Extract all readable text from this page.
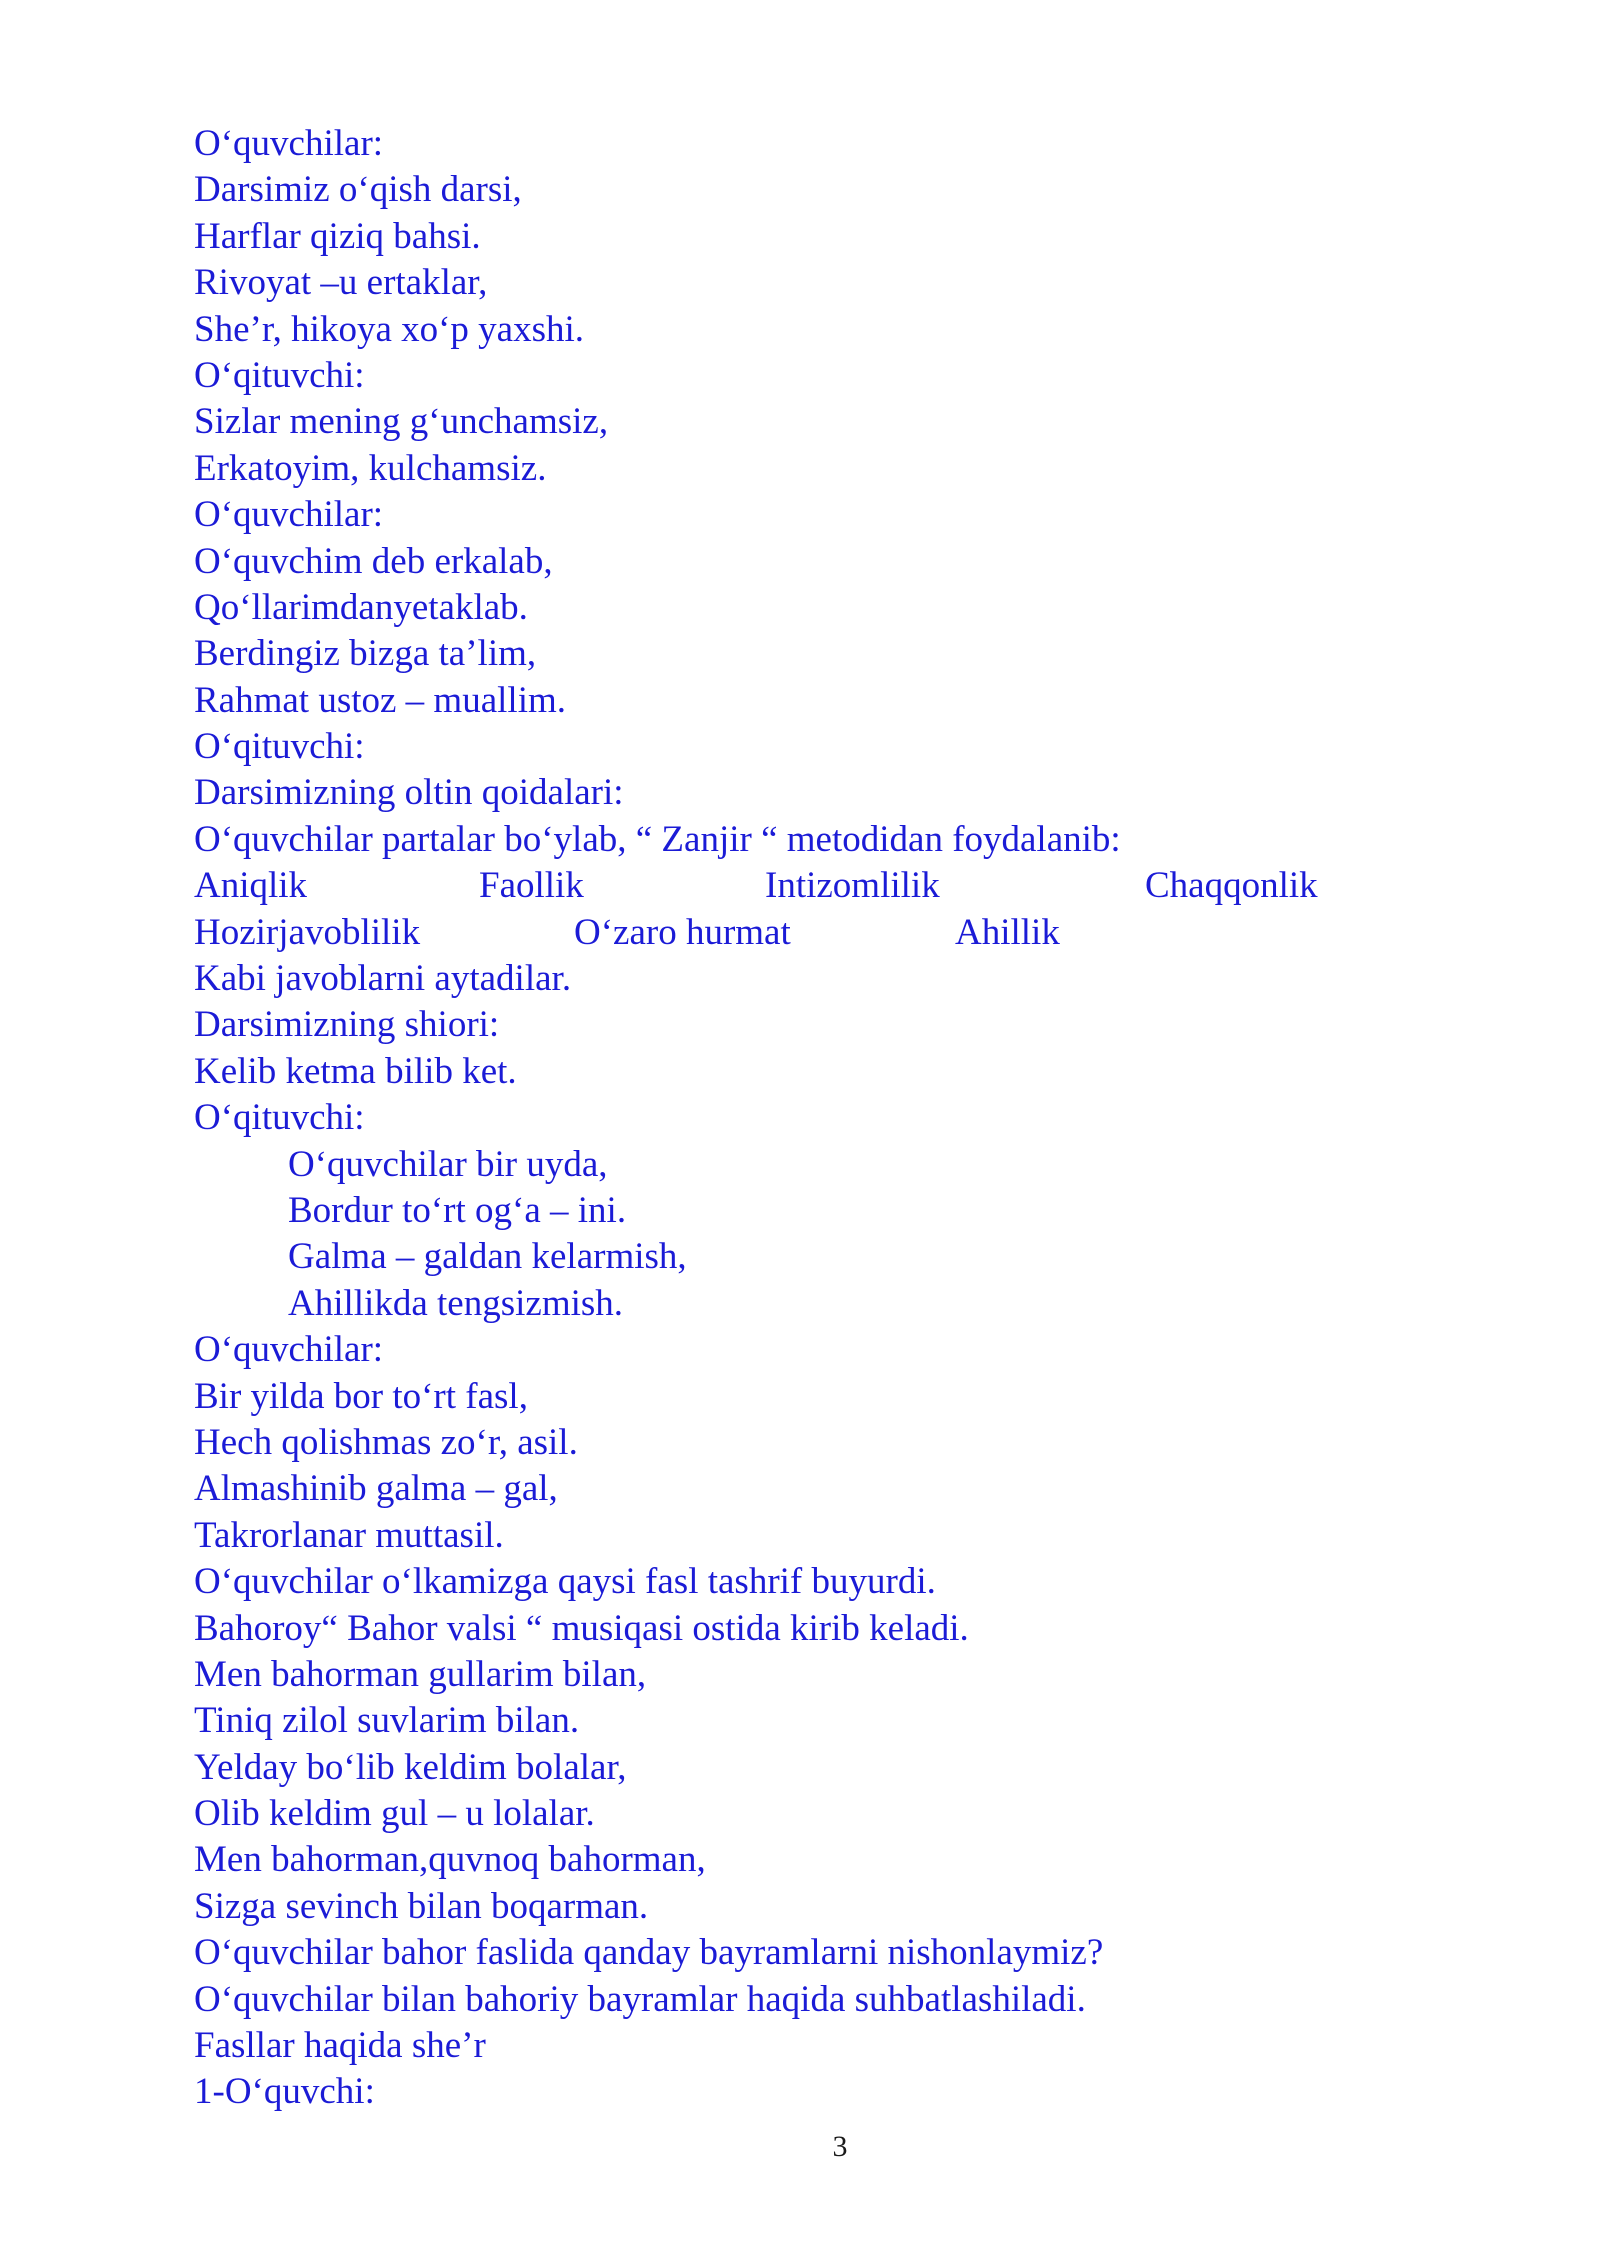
O‘quvchilar:
Darsimiz o‘qish darsi,
Harflar qiziq bahsi.
Rivoyat –u ertaklar,
She’r, hikoya xo‘p yaxshi.
O‘qituvchi:
Sizlar mening g‘unchamsiz,
Erkatoyim, kulchamsiz.
O‘quvchilar:
O‘quvchim deb erkalab,
Qo‘llarimdanyetaklab.
Berdingiz bizga ta’lim,
Rahmat ustoz – muallim.
O‘qituvchi:
Darsimizning oltin qoidalari:
O‘quvchilar partalar bo‘ylab, “ Zanjir “ metodidan foydalanib:
Aniqlik	Faollik	Intizomlilik	Chaqqonlik
Hozirjavoblilik	O‘zaro hurmat	Ahillik
Kabi javoblarni aytadilar.
Darsimizning shiori:
Kelib ketma bilib ket.
O‘qituvchi:
O‘quvchilar bir uyda,
Bordur to‘rt og‘a – ini.
Galma – galdan kelarmish,
Ahillikda tengsizmish.
O‘quvchilar:
Bir yilda bor to‘rt fasl,
Hech qolishmas zo‘r, asil.
Almashinib galma – gal,
Takrorlanar muttasil.
O‘quvchilar o‘lkamizga qaysi fasl tashrif buyurdi.
Bahoroy“ Bahor valsi “ musiqasi ostida kirib keladi.
Men bahorman gullarim bilan,
Tiniq zilol suvlarim bilan.
Yelday bo‘lib keldim bolalar,
Olib keldim gul – u lolalar.
Men bahorman,quvnoq bahorman,
Sizga sevinch bilan boqarman.
O‘quvchilar bahor faslida qanday bayramlarni nishonlaymiz?
O‘quvchilar bilan bahoriy bayramlar haqida suhbatlashiladi.
Fasllar haqida she’r
1-O‘quvchi:
3
